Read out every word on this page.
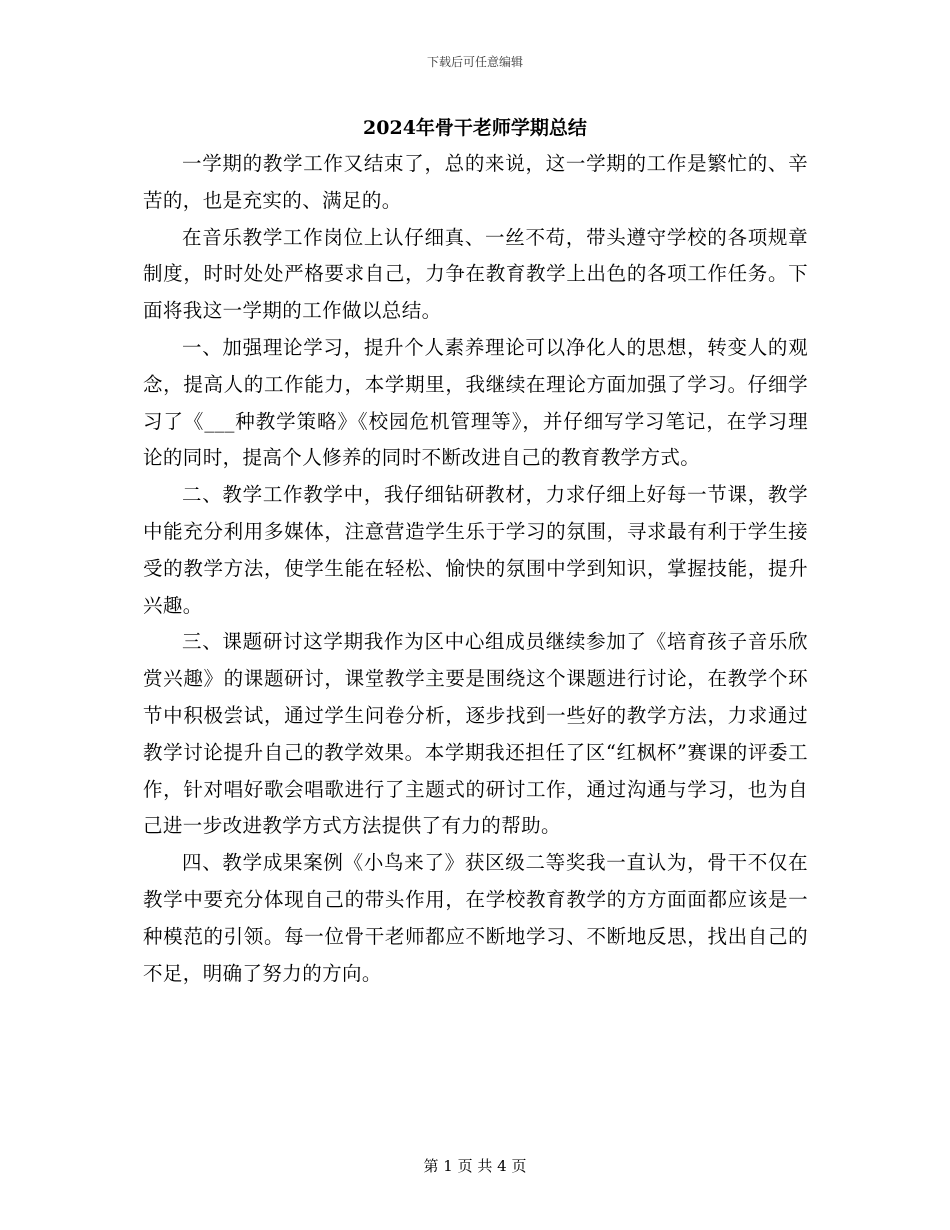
下载后可任意编辑
2024年骨干老师学期总结

一学期的教学工作又结束了，总的来说，这一学期的工作是繁忙的、辛苦的，也是充实的、满足的。

在音乐教学工作岗位上认仔细真、一丝不苟，带头遵守学校的各项规章制度，时时处处严格要求自己，力争在教育教学上出色的各项工作任务。下面将我这一学期的工作做以总结。

一、加强理论学习，提升个人素养理论可以净化人的思想，转变人的观念，提高人的工作能力，本学期里，我继续在理论方面加强了学习。仔细学习了《___种教学策略》《校园危机管理等》，并仔细写学习笔记，在学习理论的同时，提高个人修养的同时不断改进自己的教育教学方式。

二、教学工作教学中，我仔细钻研教材，力求仔细上好每一节课，教学中能充分利用多媒体，注意营造学生乐于学习的氛围，寻求最有利于学生接受的教学方法，使学生能在轻松、愉快的氛围中学到知识，掌握技能，提升兴趣。

三、课题研讨这学期我作为区中心组成员继续参加了《培育孩子音乐欣赏兴趣》的课题研讨，课堂教学主要是围绕这个课题进行讨论，在教学个环节中积极尝试，通过学生问卷分析，逐步找到一些好的教学方法，力求通过教学讨论提升自己的教学效果。本学期我还担任了区“红枫杯”赛课的评委工作，针对唱好歌会唱歌进行了主题式的研讨工作，通过沟通与学习，也为自己进一步改进教学方式方法提供了有力的帮助。

四、教学成果案例《小鸟来了》获区级二等奖我一直认为，骨干不仅在教学中要充分体现自己的带头作用，在学校教育教学的方方面面都应该是一种模范的引领。每一位骨干老师都应不断地学习、不断地反思，找出自己的不足，明确了努力的方向。

第 1 页 共 4 页
